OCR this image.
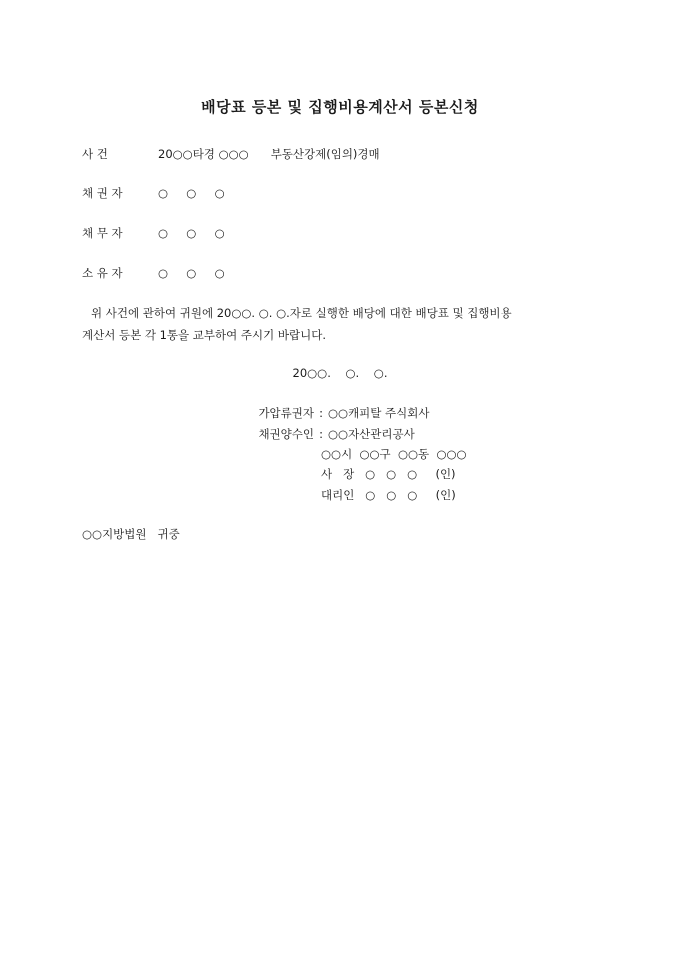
배당표 등본 및 집행비용계산서 등본신청
사 건	20○○타경 ○○○ 부동산강제(임의)경매
채 권 자	○     ○     ○
채 무 자	○     ○     ○
소 유 자	○     ○     ○
위 사건에 관하여 귀원에 20○○. ○. ○.자로 실행한 배당에 대한 배당표 및 집행비용
계산서 등본 각 1통을 교부하여 주시기 바랍니다.
20○○.    ○.    ○.
가압류권자 : ○○캐피탈 주식회사
채권양수인 : ○○자산관리공사
○○시  ○○구  ○○동  ○○○
사   장   ○   ○   ○     (인)
대리인   ○   ○   ○     (인)
○○지방법원   귀중
